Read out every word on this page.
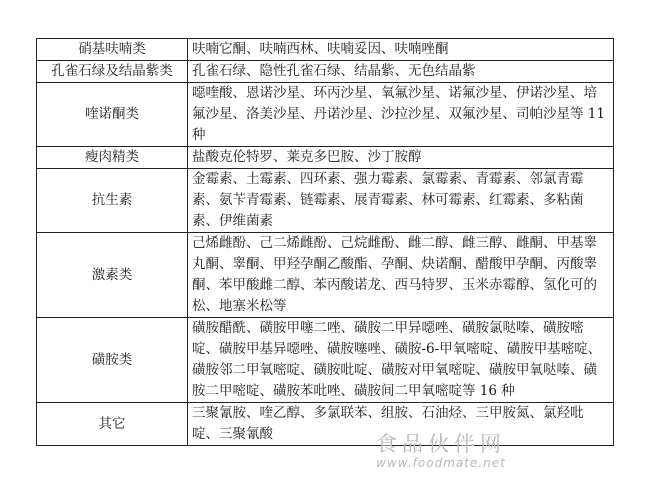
硝基呋喃类	呋喃它酮、呋喃西林、呋喃妥因、呋喃唑酮
孔雀石绿及结晶紫类	孔雀石绿、隐性孔雀石绿、结晶紫、无色结晶紫
喹诺酮类	噁喹酸、恩诺沙星、环丙沙星、氧氟沙星、诺氟沙星、伊诺沙星、培氟沙星、洛美沙星、丹诺沙星、沙拉沙星、双氟沙星、司帕沙星等 11 种
瘦肉精类	盐酸克伦特罗、莱克多巴胺、沙丁胺醇
抗生素	金霉素、土霉素、四环素、强力霉素、氯霉素、青霉素、邻氯青霉素、氨苄青霉素、链霉素、展青霉素、林可霉素、红霉素、多粘菌素、伊维菌素
激素类	己烯雌酚、己二烯雌酚、己烷雌酚、雌二醇、雌三醇、雌酮、甲基睾丸酮、睾酮、甲羟孕酮乙酸酯、孕酮、炔诺酮、醋酸甲孕酮、丙酸睾酮、苯甲酸雌二醇、苯丙酸诺龙、西马特罗、玉米赤霉醇、氢化可的松、地塞米松等
磺胺类	磺胺醋酰、磺胺甲噻二唑、磺胺二甲异噁唑、磺胺氯哒嗪、磺胺嘧啶、磺胺甲基异噁唑、磺胺噻唑、磺胺-6-甲氧嘧啶、磺胺甲基嘧啶、磺胺邻二甲氧嘧啶、磺胺吡啶、磺胺对甲氧嘧啶、磺胺甲氧哒嗪、磺胺二甲嘧啶、磺胺苯吡唑、磺胺间二甲氧嘧啶等 16 种
其它	三聚氰胺、喹乙醇、多氯联苯、组胺、石油烃、三甲胺氮、氯羟吡啶、三聚氰酸	食品伙伴网
www.foodmate.net
